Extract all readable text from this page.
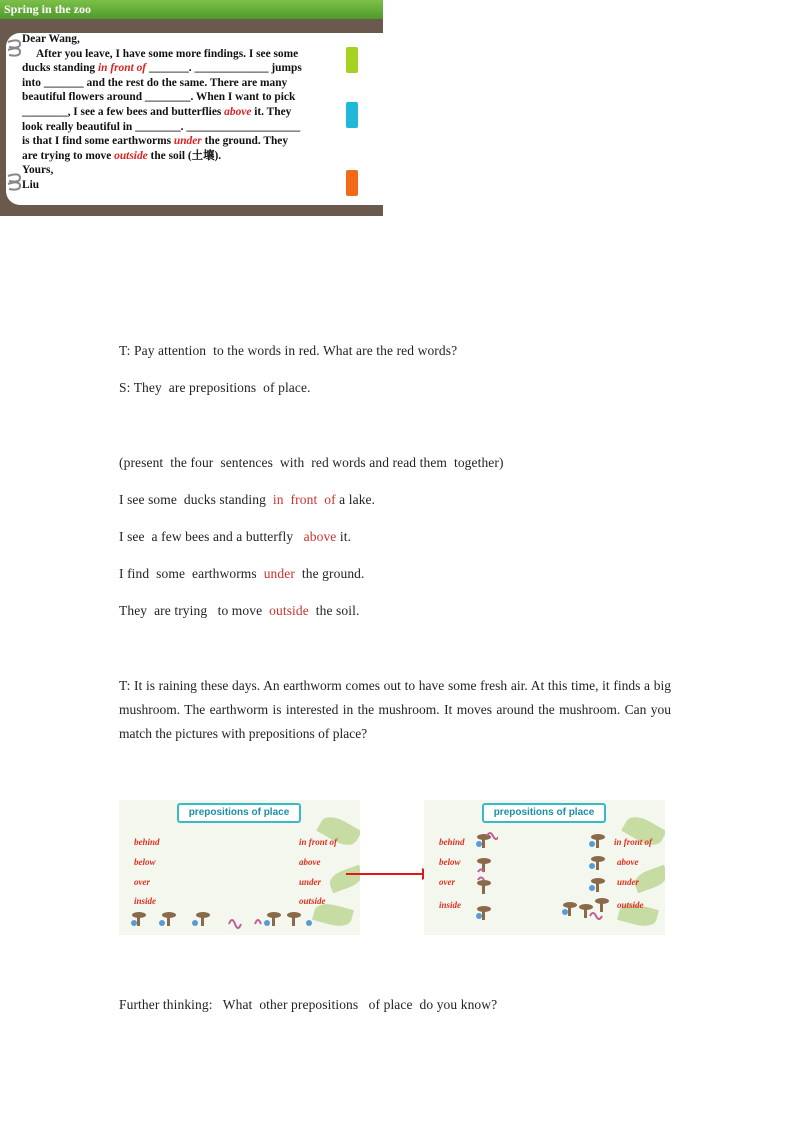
Spring in the zoo
Dear Wang,
After you leave, I have some more findings. I see some
ducks standing in front of _______. _____________ jumps
into _______ and the rest do the same. There are many
beautiful flowers around ________. When I want to pick
________, I see a few bees and butterflies above it. They
look really beautiful in ________. ____________________
is that I find some earthworms under the ground. They
are trying to move outside the soil (土壤).
Yours,
Liu
T: Pay attention  to the words in red. What are the red words?
S: They  are prepositions  of place.
(present  the four  sentences  with  red words and read them  together)
I see some  ducks standing  in  front  of a lake.
I see  a few bees and a butterfly   above it.
I find  some  earthworms  under  the ground.
They  are trying   to move  outside  the soil.
T: It is raining these days. An earthworm comes out to have some fresh air. At this time, it finds a big mushroom. The earthworm is interested in the mushroom. It moves around the mushroom. Can you match the pictures with prepositions of place?
prepositions of place
behind
below
over
inside
in front of
above
under
outside
prepositions of place
behind
below
over
inside
in front of
above
under
outside
Further thinking:   What  other prepositions   of place  do you know?
